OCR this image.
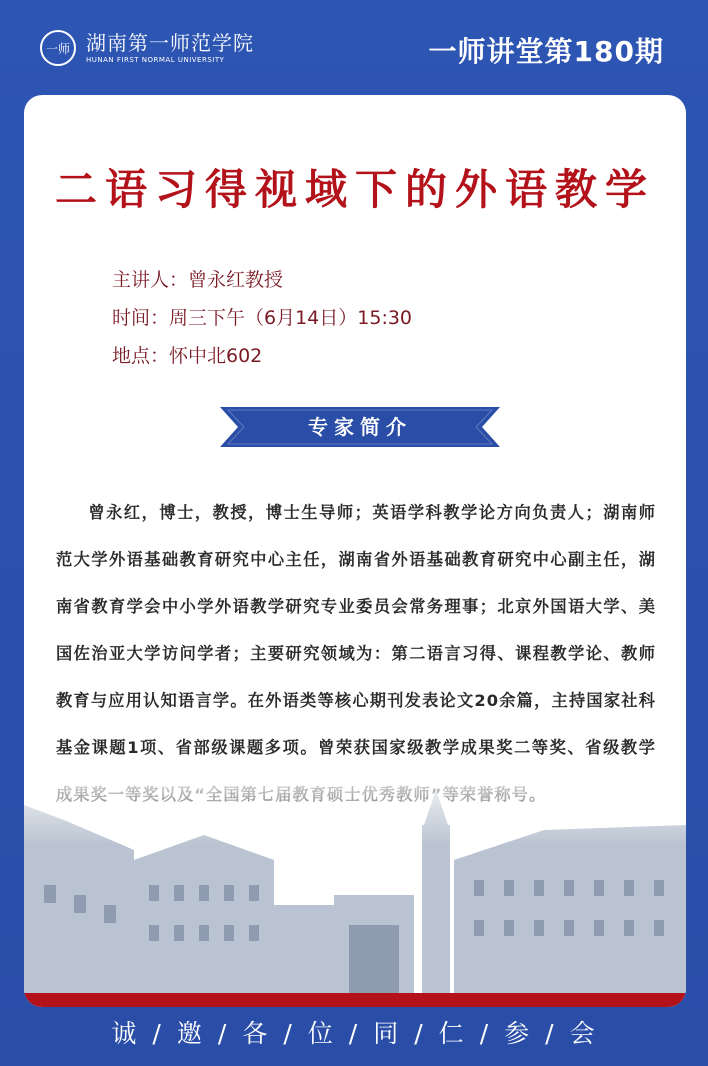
一师 湖南第一师范学院
HUNAN FIRST NORMAL UNIVERSITY	一师讲堂第180期
二语习得视域下的外语教学
主讲人：曾永红教授
时间：周三下午（6月14日）15:30
地点：怀中北602
专家简介
曾永红，博士，教授，博士生导师；英语学科教学论方向负责人；湖南师范大学外语基础教育研究中心主任，湖南省外语基础教育研究中心副主任，湖南省教育学会中小学外语教学研究专业委员会常务理事；北京外国语大学、美国佐治亚大学访问学者；主要研究领域为：第二语言习得、课程教学论、教师教育与应用认知语言学。在外语类等核心期刊发表论文20余篇，主持国家社科基金课题1项、省部级课题多项。曾荣获国家级教学成果奖二等奖、省级教学
诚 / 邀 / 各 / 位 / 同 / 仁 / 参 / 会
